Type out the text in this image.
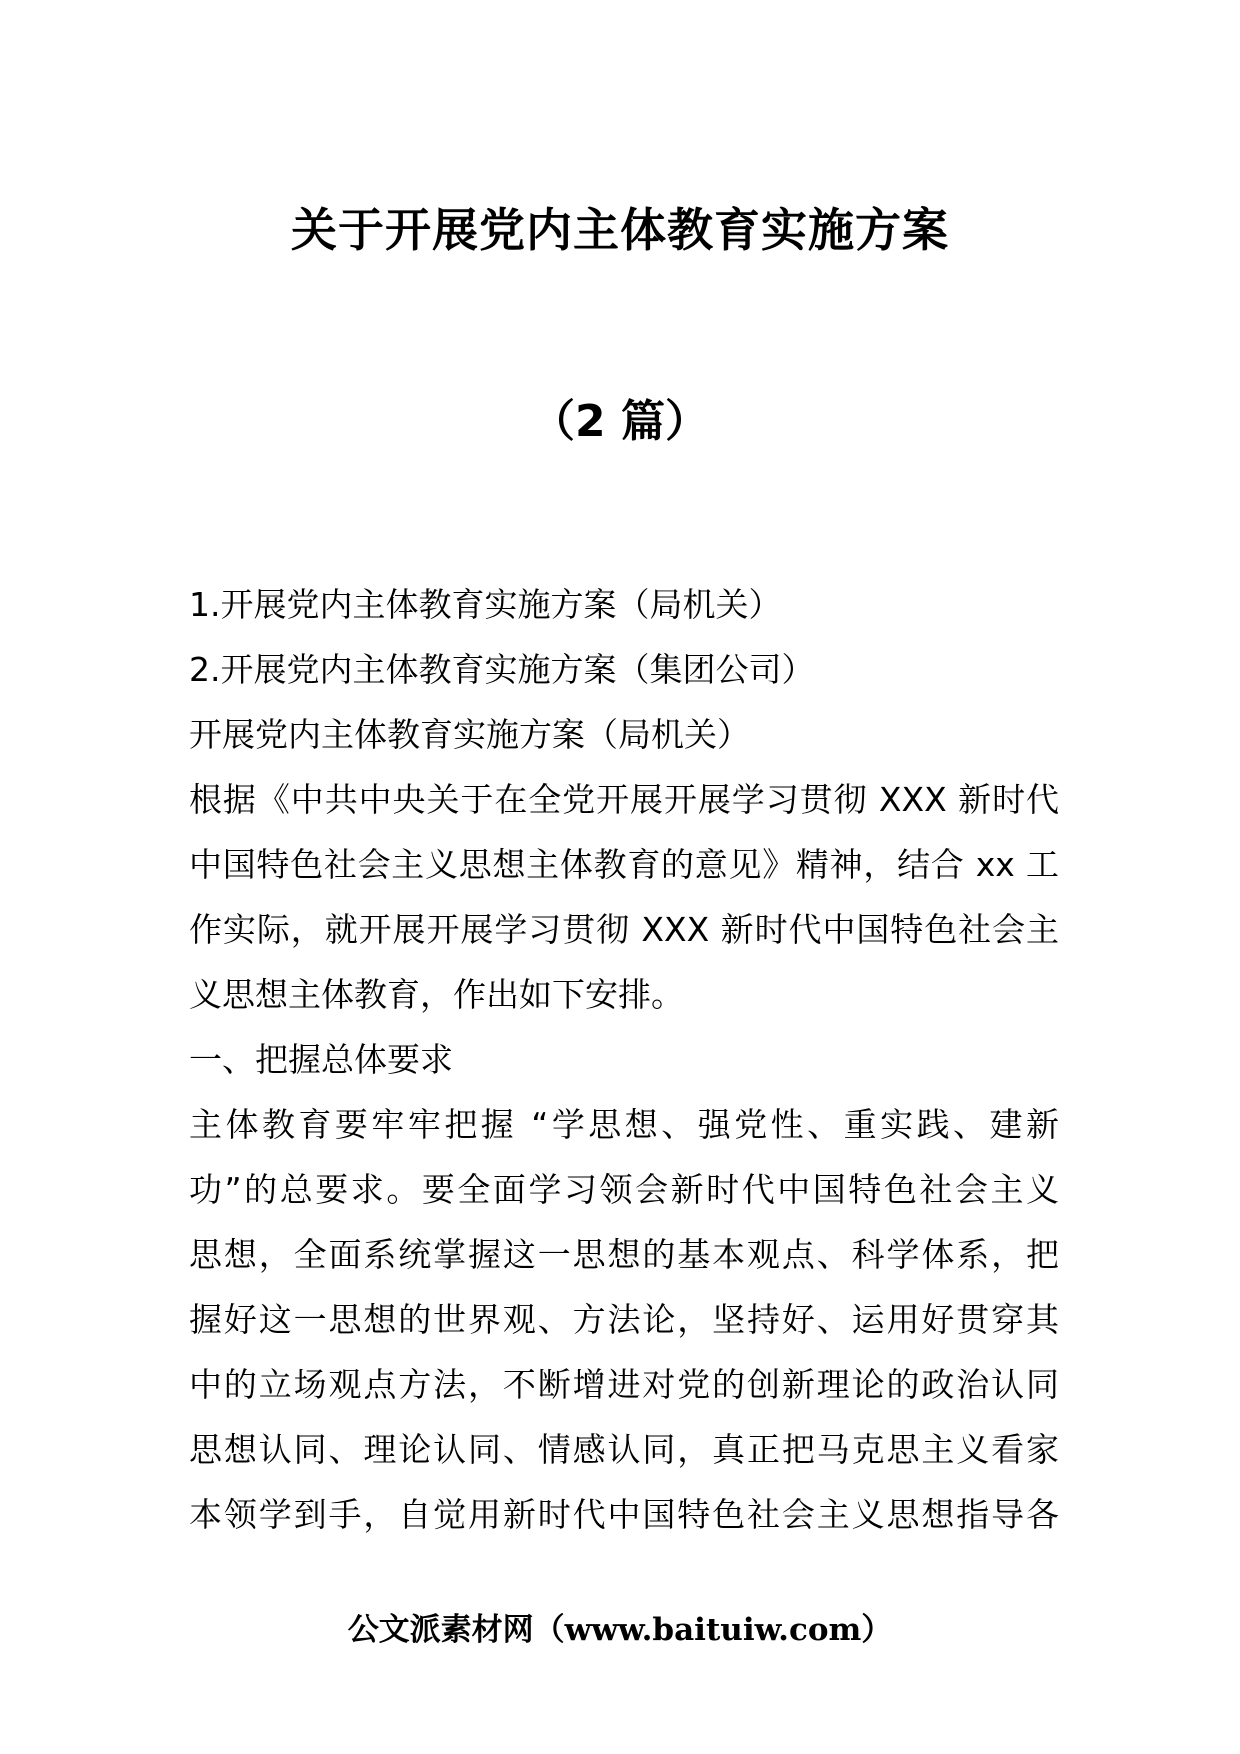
关于开展党内主体教育实施方案
（2 篇）
1.开展党内主体教育实施方案（局机关）
2.开展党内主体教育实施方案（集团公司）
开展党内主体教育实施方案（局机关）
根据《中共中央关于在全党开展开展学习贯彻 XXX 新时代
中国特色社会主义思想主体教育的意见》精神，结合 xx 工
作实际，就开展开展学习贯彻 XXX 新时代中国特色社会主
义思想主体教育，作出如下安排。
一、把握总体要求
主体教育要牢牢把握 “学思想、强党性、重实践、建新
功”的总要求。要全面学习领会新时代中国特色社会主义
思想，全面系统掌握这一思想的基本观点、科学体系，把
握好这一思想的世界观、方法论，坚持好、运用好贯穿其
中的立场观点方法，不断增进对党的创新理论的政治认同
思想认同、理论认同、情感认同，真正把马克思主义看家
本领学到手，自觉用新时代中国特色社会主义思想指导各
公文派素材网（www.baituiw.com）
